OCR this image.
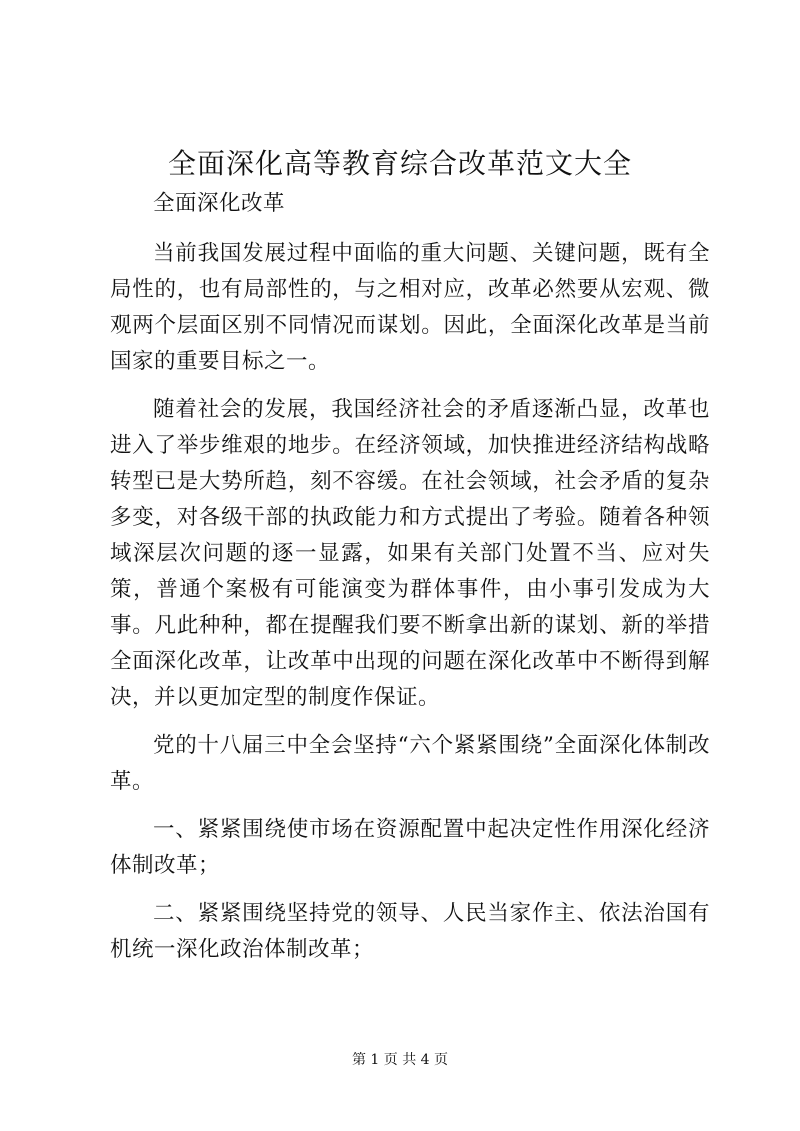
全面深化高等教育综合改革范文大全

全面深化改革

当前我国发展过程中面临的重大问题、关键问题，既有全局性的，也有局部性的，与之相对应，改革必然要从宏观、微观两个层面区别不同情况而谋划。因此，全面深化改革是当前国家的重要目标之一。

随着社会的发展，我国经济社会的矛盾逐渐凸显，改革也进入了举步维艰的地步。在经济领域，加快推进经济结构战略转型已是大势所趋，刻不容缓。在社会领域，社会矛盾的复杂多变，对各级干部的执政能力和方式提出了考验。随着各种领域深层次问题的逐一显露，如果有关部门处置不当、应对失策，普通个案极有可能演变为群体事件，由小事引发成为大事。凡此种种，都在提醒我们要不断拿出新的谋划、新的举措全面深化改革，让改革中出现的问题在深化改革中不断得到解决，并以更加定型的制度作保证。

党的十八届三中全会坚持“六个紧紧围绕”全面深化体制改革。

一、紧紧围绕使市场在资源配置中起决定性作用深化经济体制改革；

二、紧紧围绕坚持党的领导、人民当家作主、依法治国有机统一深化政治体制改革；

第 1 页 共 4 页
